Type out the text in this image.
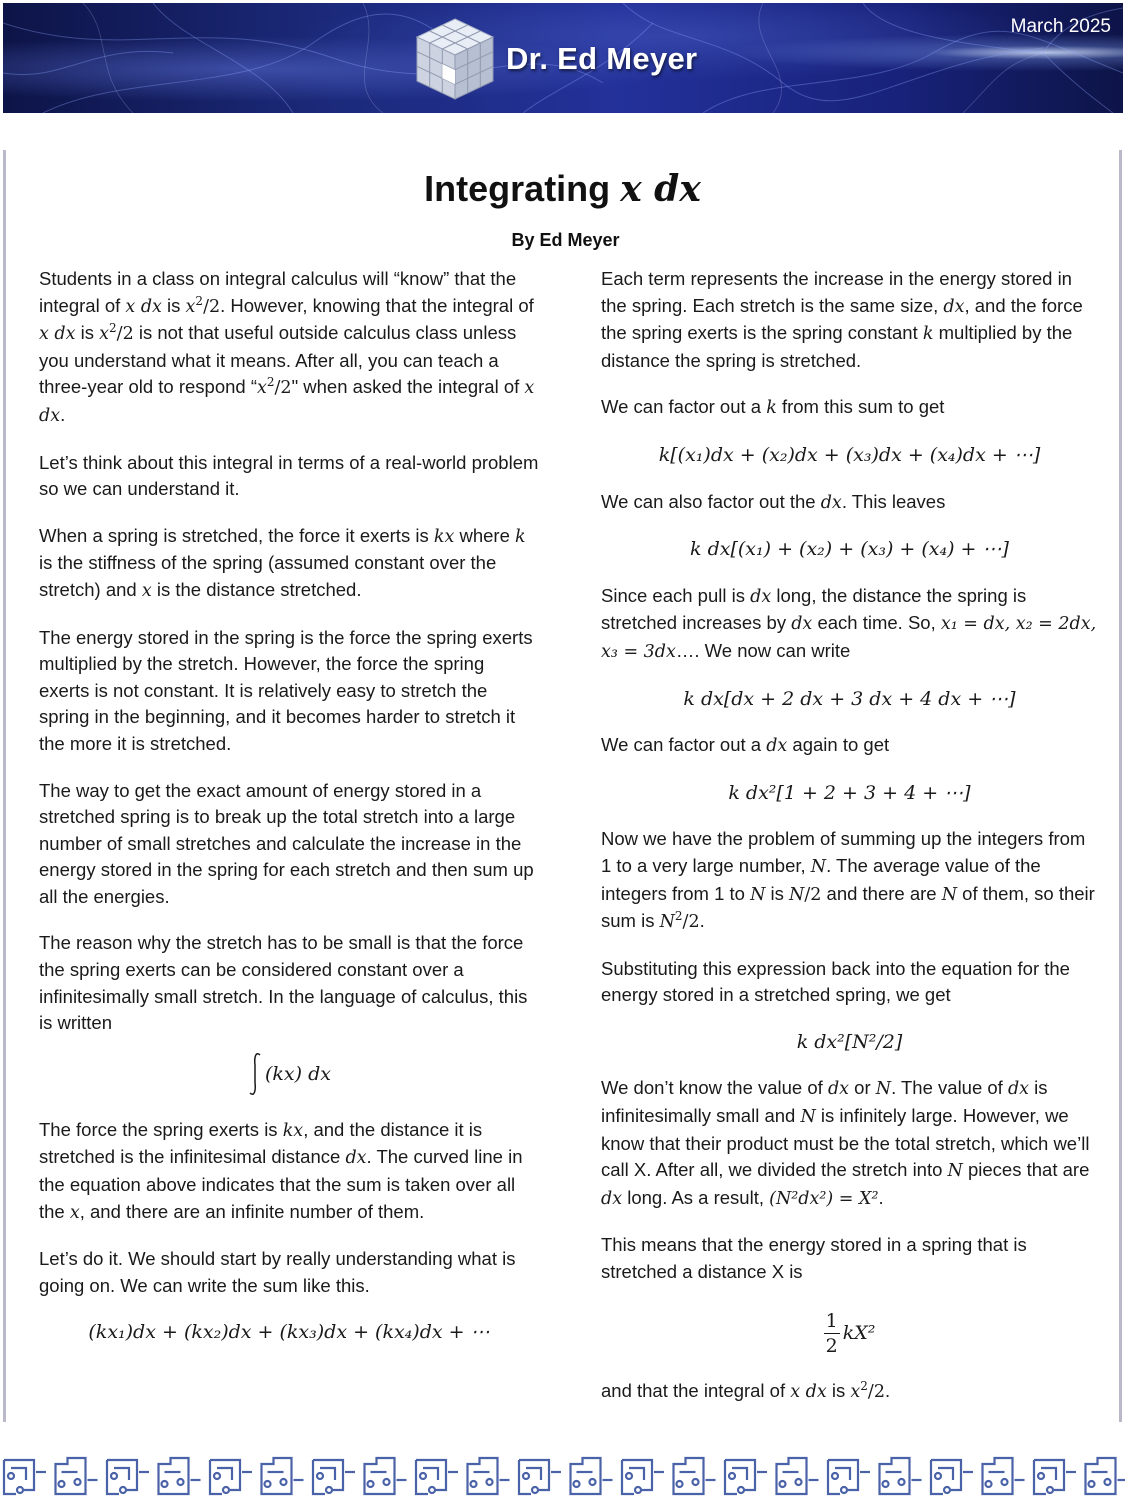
Dr. Ed Meyer
March 2025
Integrating x dx
By Ed Meyer

Students in a class on integral calculus will “know” that the integral of x dx is $x^2/2$. However, knowing that the integral of x dx is $x^2/2$ is not that useful outside calculus class unless you understand what it means. After all, you can teach a three-year old to respond “$x^2/2$" when asked the integral of x dx.

Let’s think about this integral in terms of a real-world problem so we can understand it.

When a spring is stretched, the force it exerts is kx where k is the stiffness of the spring (assumed constant over the stretch) and x is the distance stretched.

The energy stored in the spring is the force the spring exerts multiplied by the stretch. However, the force the spring exerts is not constant. It is relatively easy to stretch the spring in the beginning, and it becomes harder to stretch it the more it is stretched.

The way to get the exact amount of energy stored in a stretched spring is to break up the total stretch into a large number of small stretches and calculate the increase in the energy stored in the spring for each stretch and then sum up all the energies.

The reason why the stretch has to be small is that the force the spring exerts can be considered constant over a infinitesimally small stretch. In the language of calculus, this is written

(kx) dx

The force the spring exerts is kx, and the distance it is stretched is the infinitesimal distance dx. The curved line in the equation above indicates that the sum is taken over all the x, and there are an infinite number of them.

Let’s do it. We should start by really understanding what is going on. We can write the sum like this.

(kx₁)dx + (kx₂)dx + (kx₃)dx + (kx₄)dx + ⋯

Each term represents the increase in the energy stored in the spring. Each stretch is the same size, dx, and the force the spring exerts is the spring constant k multiplied by the distance the spring is stretched.

We can factor out a k from this sum to get

k[(x₁)dx + (x₂)dx + (x₃)dx + (x₄)dx + ⋯]

We can also factor out the dx. This leaves

k dx[(x₁) + (x₂) + (x₃) + (x₄) + ⋯]

Since each pull is dx long, the distance the spring is stretched increases by dx each time. So, x₁ = dx, x₂ = 2dx, x₃ = 3dx…. We now can write

k dx[dx + 2 dx + 3 dx + 4 dx + ⋯]

We can factor out a dx again to get

k dx²[1 + 2 + 3 + 4 + ⋯]

Now we have the problem of summing up the integers from 1 to a very large number, N. The average value of the integers from 1 to N is N/2 and there are N of them, so their sum is $N^2/2$.

Substituting this expression back into the equation for the energy stored in a stretched spring, we get

k dx²[N²/2]

We don’t know the value of dx or N. The value of dx is infinitesimally small and N is infinitely large. However, we know that their product must be the total stretch, which we’ll call X. After all, we divided the stretch into N pieces that are dx long. As a result, (N²dx²) = X².

This means that the energy stored in a spring that is stretched a distance X is

$\frac{1}{2} kX^2$

and that the integral of x dx is $x^2/2$.
